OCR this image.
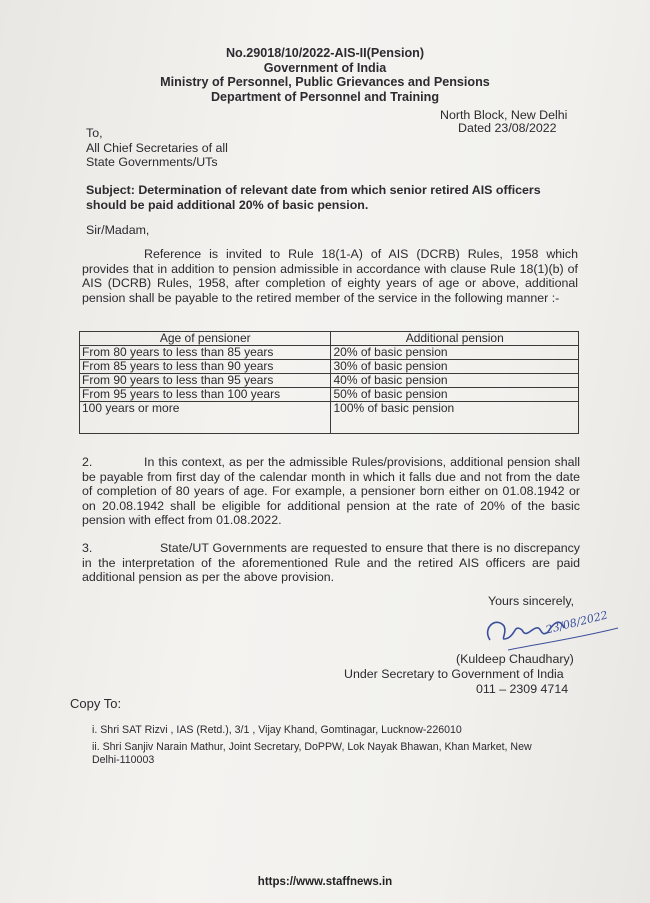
No.29018/10/2022-AIS-II(Pension)
Government of India
Ministry of Personnel, Public Grievances and Pensions
Department of Personnel and Training
North Block, New Delhi
Dated 23/08/2022
To,
All Chief Secretaries of all
State Governments/UTs
Subject: Determination of relevant date from which senior retired AIS officers should be paid additional 20% of basic pension.
Sir/Madam,
Reference is invited to Rule 18(1-A) of AIS (DCRB) Rules, 1958 which provides that in addition to pension admissible in accordance with clause Rule 18(1)(b) of AIS (DCRB) Rules, 1958, after completion of eighty years of age or above, additional pension shall be payable to the retired member of the service in the following manner :-
Age of pensioner	Additional pension
From 80 years to less than 85 years	20% of basic pension
From 85 years to less than 90 years	30% of basic pension
From 90 years to less than 95 years	40% of basic pension
From 95 years to less than 100 years	50% of basic pension
100 years or more	100% of basic pension
2.	In this context, as per the admissible Rules/provisions, additional pension shall be payable from first day of the calendar month in which it falls due and not from the date of completion of 80 years of age. For example, a pensioner born either on 01.08.1942 or on 20.08.1942 shall be eligible for additional pension at the rate of 20% of the basic pension with effect from 01.08.2022.
3.	State/UT Governments are requested to ensure that there is no discrepancy in the interpretation of the aforementioned Rule and the retired AIS officers are paid additional pension as per the above provision.
Yours sincerely,
23/08/2022
(Kuldeep Chaudhary)
Under Secretary to Government of India
011 – 2309 4714
Copy To:
i. Shri SAT Rizvi , IAS (Retd.), 3/1 , Vijay Khand, Gomtinagar, Lucknow-226010
ii. Shri Sanjiv Narain Mathur, Joint Secretary, DoPPW, Lok Nayak Bhawan, Khan Market, New Delhi-110003
https://www.staffnews.in
